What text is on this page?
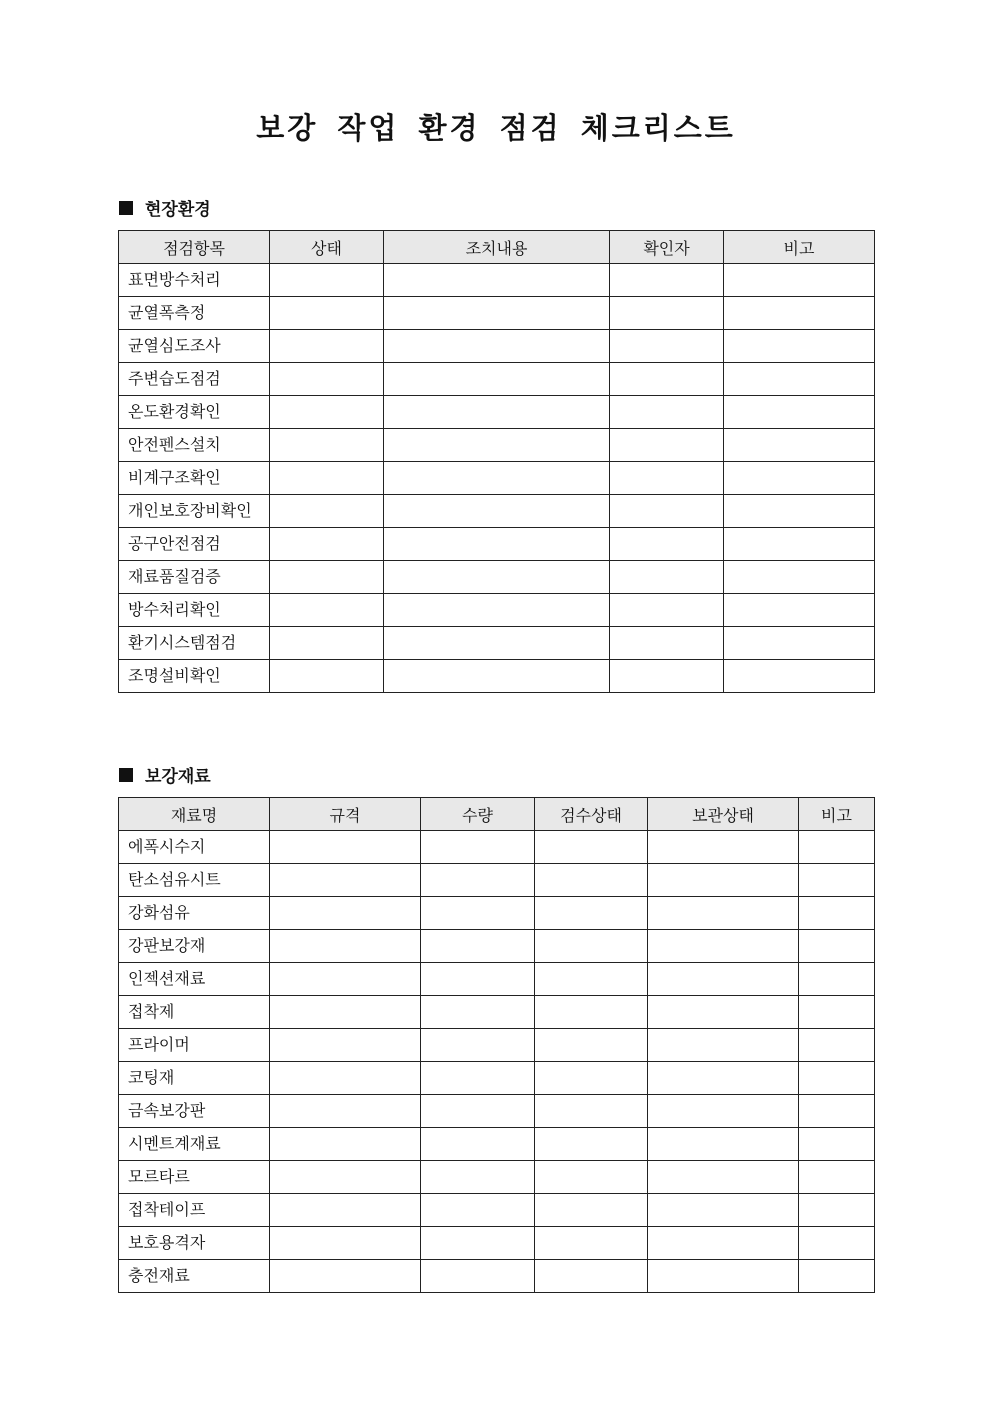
보강 작업 환경 점검 체크리스트
현장환경
점검항목	상태	조치내용	확인자	비고
표면방수처리				
균열폭측정				
균열심도조사				
주변습도점검				
온도환경확인				
안전펜스설치				
비계구조확인				
개인보호장비확인				
공구안전점검				
재료품질검증				
방수처리확인				
환기시스템점검				
조명설비확인				
보강재료
재료명	규격	수량	검수상태	보관상태	비고
에폭시수지					
탄소섬유시트					
강화섬유					
강판보강재					
인젝션재료					
접착제					
프라이머					
코팅재					
금속보강판					
시멘트계재료					
모르타르					
접착테이프					
보호용격자					
충전재료					
